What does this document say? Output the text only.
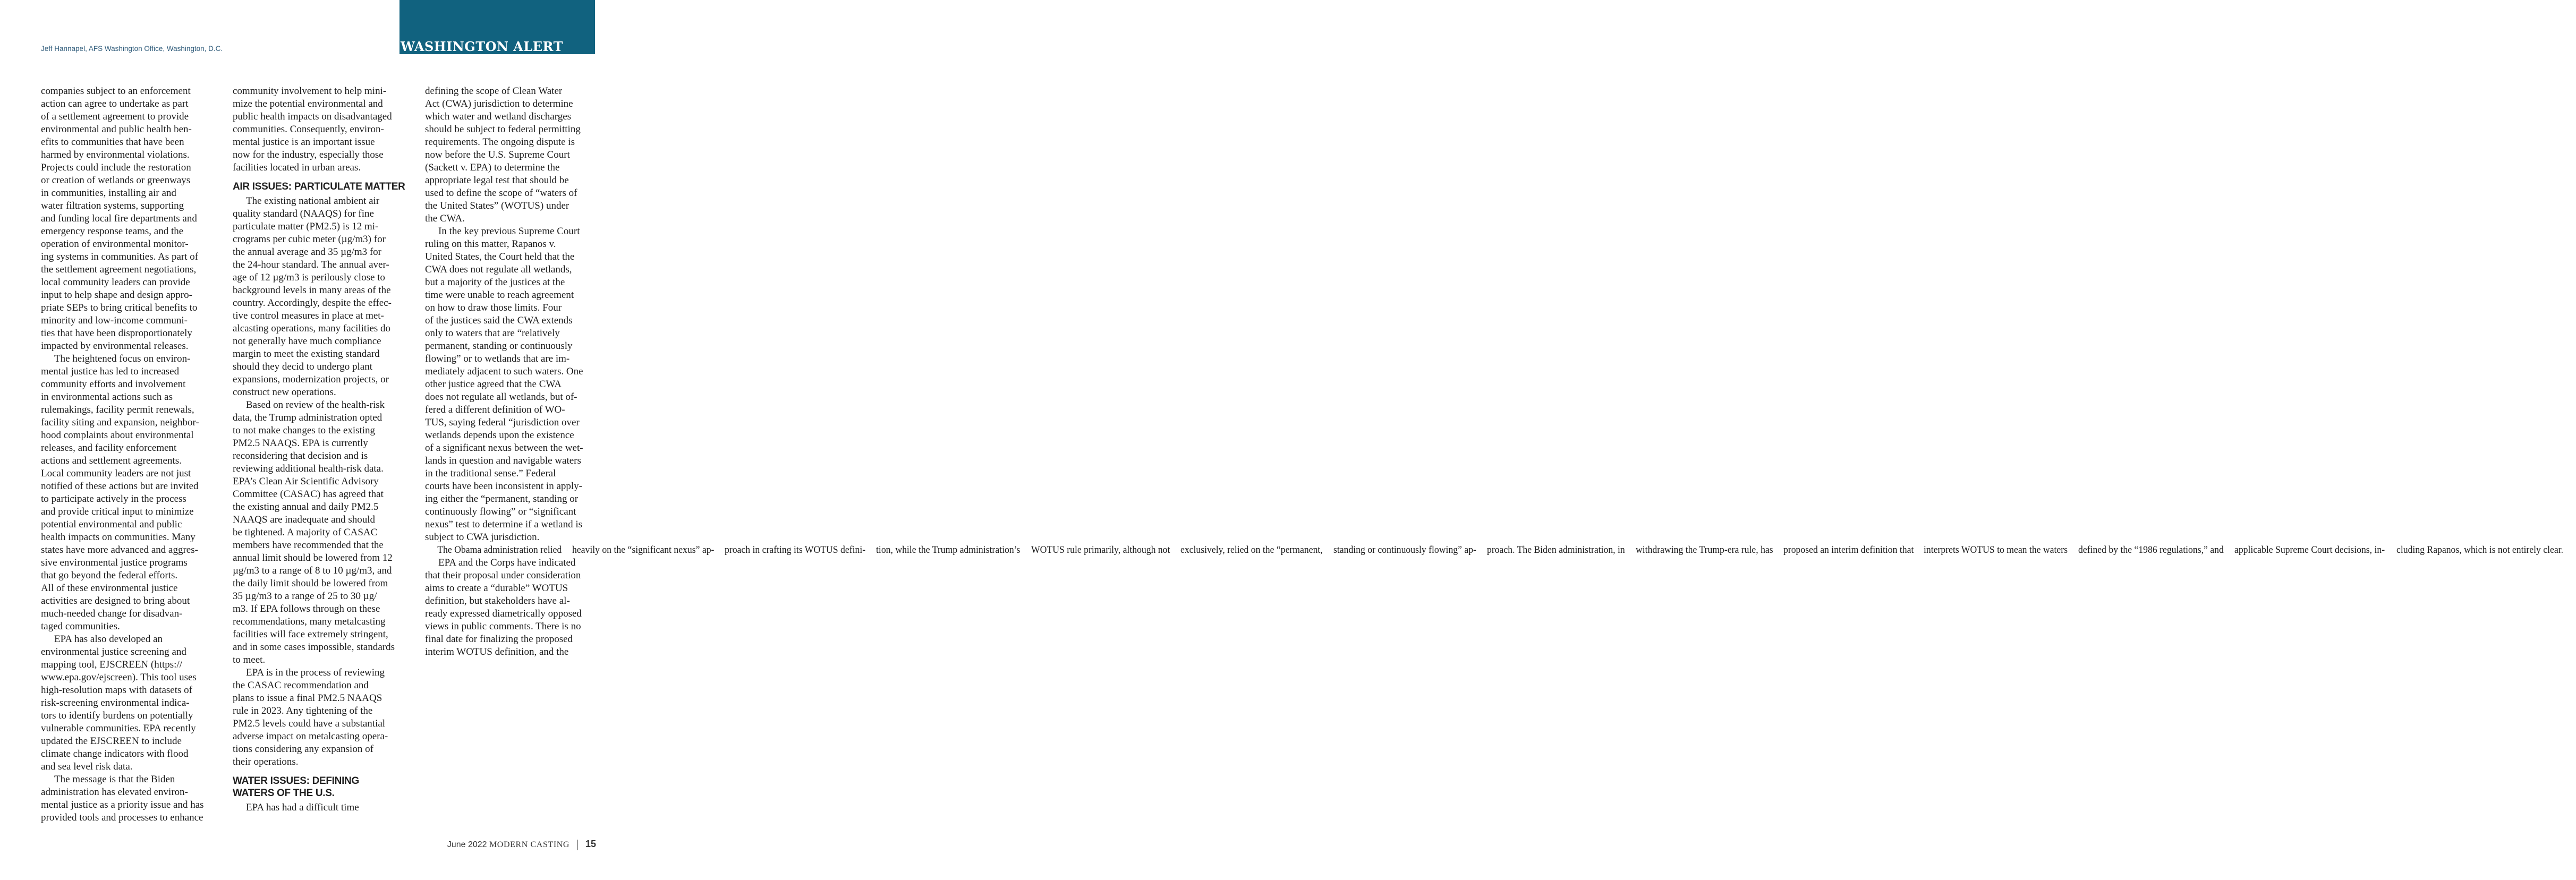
Jeff Hannapel, AFS Washington Office, Washington, D.C.	WASHINGTON ALERT
companies subject to an enforcement
action can agree to undertake as part
of a settlement agreement to provide
environmental and public health ben-
efits to communities that have been
harmed by environmental violations.
Projects could include the restoration
or creation of wetlands or greenways
in communities, installing air and
water filtration systems, supporting
and funding local fire departments and
emergency response teams, and the
operation of environmental monitor-
ing systems in communities. As part of
the settlement agreement negotiations,
local community leaders can provide
input to help shape and design appro-
priate SEPs to bring critical benefits to
minority and low-income communi-
ties that have been disproportionately
impacted by environmental releases.
The heightened focus on environ-
mental justice has led to increased
community efforts and involvement
in environmental actions such as
rulemakings, facility permit renewals,
facility siting and expansion, neighbor-
hood complaints about environmental
releases, and facility enforcement
actions and settlement agreements.
Local community leaders are not just
notified of these actions but are invited
to participate actively in the process
and provide critical input to minimize
potential environmental and public
health impacts on communities. Many
states have more advanced and aggres-
sive environmental justice programs
that go beyond the federal efforts.
All of these environmental justice
activities are designed to bring about
much-needed change for disadvan-
taged communities.
EPA has also developed an
environmental justice screening and
mapping tool, EJSCREEN (https://
www.epa.gov/ejscreen). This tool uses
high-resolution maps with datasets of
risk-screening environmental indica-
tors to identify burdens on potentially
vulnerable communities. EPA recently
updated the EJSCREEN to include
climate change indicators with flood
and sea level risk data.
The message is that the Biden
administration has elevated environ-
mental justice as a priority issue and has
provided tools and processes to enhance
community involvement to help mini-
mize the potential environmental and
public health impacts on disadvantaged
communities. Consequently, environ-
mental justice is an important issue
now for the industry, especially those
facilities located in urban areas.
AIR ISSUES: PARTICULATE MATTER
The existing national ambient air
quality standard (NAAQS) for fine
particulate matter (PM2.5) is 12 mi-
crograms per cubic meter (µg/m3) for
the annual average and 35 µg/m3 for
the 24-hour standard. The annual aver-
age of 12 µg/m3 is perilously close to
background levels in many areas of the
country. Accordingly, despite the effec-
tive control measures in place at met-
alcasting operations, many facilities do
not generally have much compliance
margin to meet the existing standard
should they decid to undergo plant
expansions, modernization projects, or
construct new operations.
Based on review of the health-risk
data, the Trump administration opted
to not make changes to the existing
PM2.5 NAAQS. EPA is currently
reconsidering that decision and is
reviewing additional health-risk data.
EPA’s Clean Air Scientific Advisory
Committee (CASAC) has agreed that
the existing annual and daily PM2.5
NAAQS are inadequate and should
be tightened. A majority of CASAC
members have recommended that the
annual limit should be lowered from 12
µg/m3 to a range of 8 to 10 µg/m3, and
the daily limit should be lowered from
35 µg/m3 to a range of 25 to 30 µg/
m3. If EPA follows through on these
recommendations, many metalcasting
facilities will face extremely stringent,
and in some cases impossible, standards
to meet.
EPA is in the process of reviewing
the CASAC recommendation and
plans to issue a final PM2.5 NAAQS
rule in 2023. Any tightening of the
PM2.5 levels could have a substantial
adverse impact on metalcasting opera-
tions considering any expansion of
their operations.
WATER ISSUES: DEFINING
WATERS OF THE U.S.
EPA has had a difficult time
defining the scope of Clean Water
Act (CWA) jurisdiction to determine
which water and wetland discharges
should be subject to federal permitting
requirements. The ongoing dispute is
now before the U.S. Supreme Court
(Sackett v. EPA) to determine the
appropriate legal test that should be
used to define the scope of “waters of
the United States” (WOTUS) under
the CWA.
In the key previous Supreme Court
ruling on this matter, Rapanos v.
United States, the Court held that the
CWA does not regulate all wetlands,
but a majority of the justices at the
time were unable to reach agreement
on how to draw those limits. Four
of the justices said the CWA extends
only to waters that are “relatively
permanent, standing or continuously
flowing” or to wetlands that are im-
mediately adjacent to such waters. One
other justice agreed that the CWA
does not regulate all wetlands, but of-
fered a different definition of WO-
TUS, saying federal “jurisdiction over
wetlands depends upon the existence
of a significant nexus between the wet-
lands in question and navigable waters
in the traditional sense.” Federal
courts have been inconsistent in apply-
ing either the “permanent, standing or
continuously flowing” or “significant
nexus” test to determine if a wetland is
subject to CWA jurisdiction.
The Obama administration relied heavily on the “significant nexus” ap- proach in crafting its WOTUS defini- tion, while the Trump administration’s WOTUS rule primarily, although not exclusively, relied on the “permanent, standing or continuously flowing” ap- proach. The Biden administration, in withdrawing the Trump-era rule, has proposed an interim definition that interprets WOTUS to mean the waters defined by the “1986 regulations,” and applicable Supreme Court decisions, in- cluding Rapanos, which is not entirely clear.
EPA and the Corps have indicated
that their proposal under consideration
aims to create a “durable” WOTUS
definition, but stakeholders have al-
ready expressed diametrically opposed
views in public comments. There is no
final date for finalizing the proposed
interim WOTUS definition, and the
June 2022 MODERN CASTING 15
